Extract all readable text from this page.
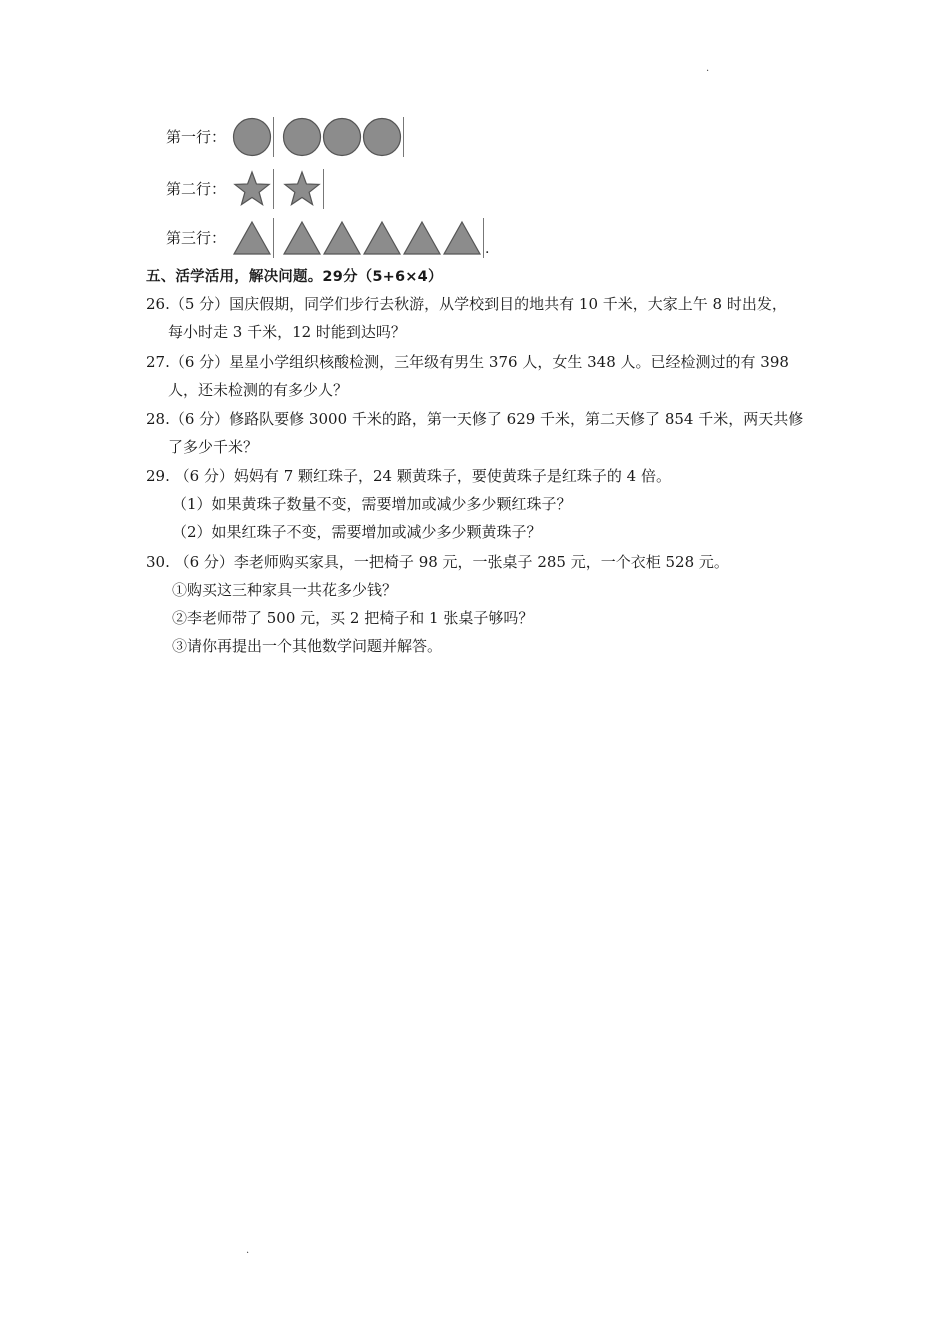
.
第一行：
第二行：
第三行：
.
五、活学活用，解决问题。29分（5+6×4）
26.（5 分）国庆假期，同学们步行去秋游，从学校到目的地共有 10 千米，大家上午 8 时出发，
每小时走 3 千米，12 时能到达吗？
27.（6 分）星星小学组织核酸检测，三年级有男生 376 人，女生 348 人。已经检测过的有 398
人，还未检测的有多少人？
28.（6 分）修路队要修 3000 千米的路，第一天修了 629 千米，第二天修了 854 千米，两天共修
了多少千米？
29. （6 分）妈妈有 7 颗红珠子，24 颗黄珠子，要使黄珠子是红珠子的 4 倍。
（1）如果黄珠子数量不变，需要增加或减少多少颗红珠子？
（2）如果红珠子不变，需要增加或减少多少颗黄珠子？
30. （6 分）李老师购买家具，一把椅子 98 元，一张桌子 285 元，一个衣柜 528 元。
①购买这三种家具一共花多少钱？
②李老师带了 500 元，买 2 把椅子和 1 张桌子够吗？
③请你再提出一个其他数学问题并解答。
.
